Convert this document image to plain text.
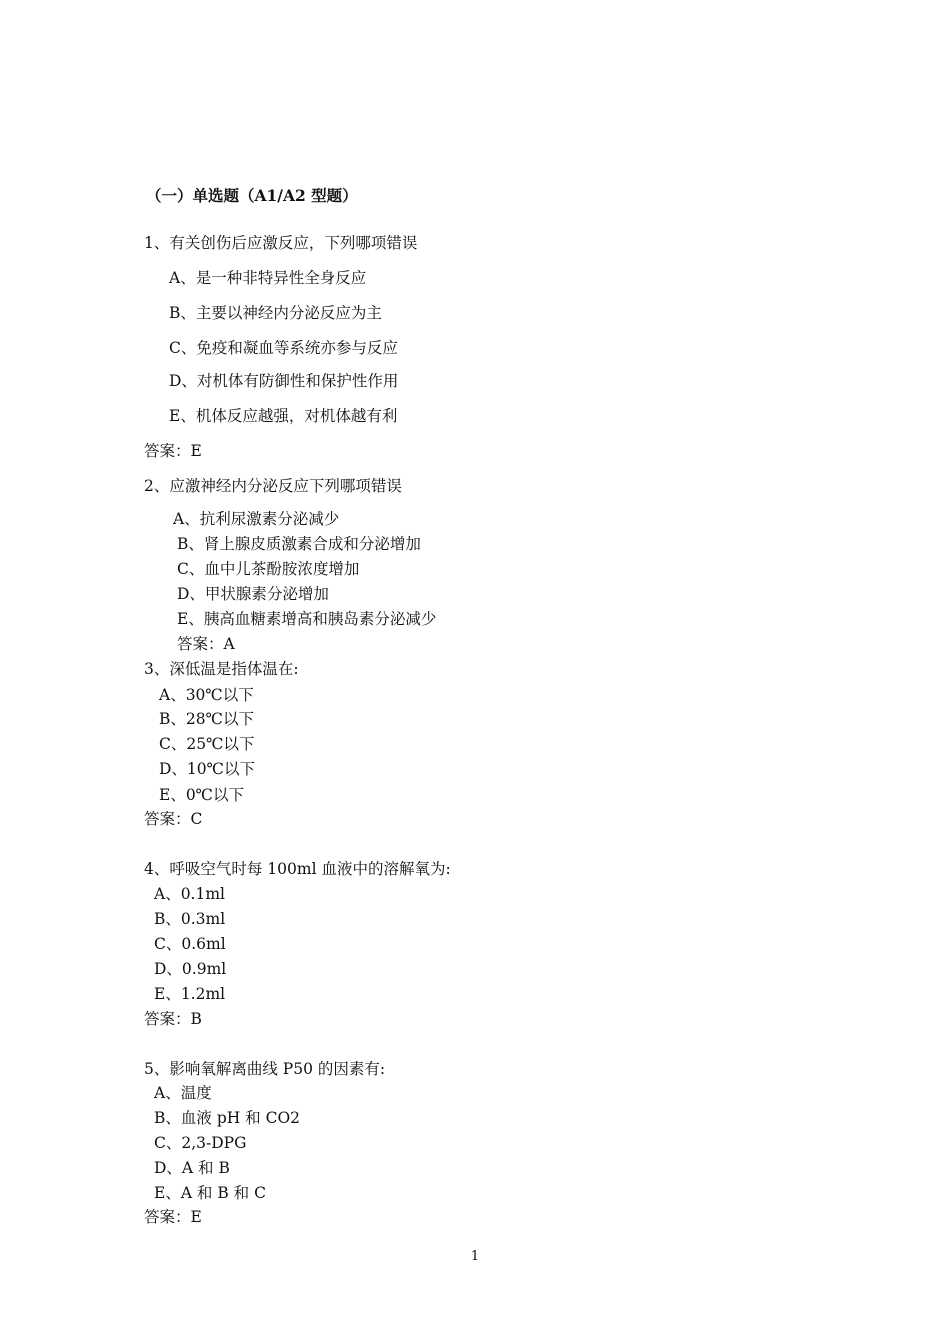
（一）单选题（A1/A2 型题）
1、有关创伤后应激反应，下列哪项错误
A、是一种非特异性全身反应
B、主要以神经内分泌反应为主
C、免疫和凝血等系统亦参与反应
D、对机体有防御性和保护性作用
E、机体反应越强，对机体越有利
答案：E
2、应激神经内分泌反应下列哪项错误
A、抗利尿激素分泌减少
B、肾上腺皮质激素合成和分泌增加
C、血中儿茶酚胺浓度增加
D、甲状腺素分泌增加
E、胰高血糖素增高和胰岛素分泌减少
答案：A
3、深低温是指体温在:
A、30℃以下
B、28℃以下
C、25℃以下
D、10℃以下
E、0℃以下
答案：C
4、呼吸空气时每 100ml 血液中的溶解氧为:
A、0.1ml
B、0.3ml
C、0.6ml
D、0.9ml
E、1.2ml
答案：B
5、影响氧解离曲线 P50 的因素有:
A、温度
B、血液 pH 和 CO2
C、2,3-DPG
D、A 和 B
E、A 和 B 和 C
答案：E
1
